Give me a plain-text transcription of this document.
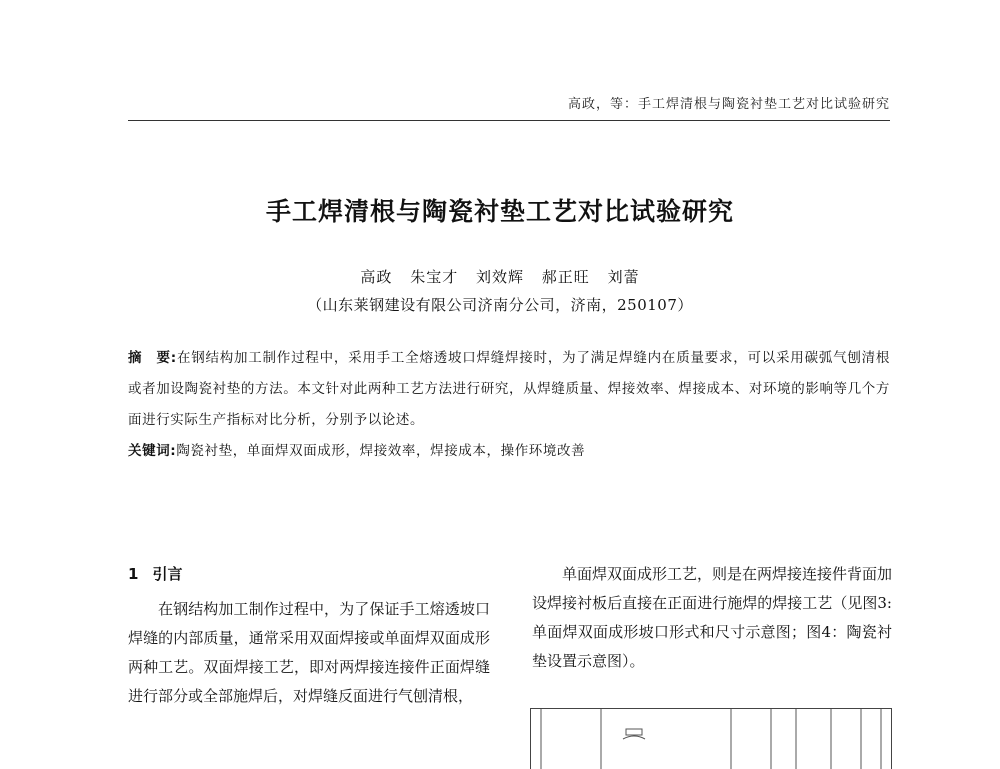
高政，等：手工焊清根与陶瓷衬垫工艺对比试验研究
手工焊清根与陶瓷衬垫工艺对比试验研究
高政 朱宝才 刘效辉 郝正旺 刘蕾
（山东莱钢建设有限公司济南分公司，济南，250107）
摘　要:在钢结构加工制作过程中，采用手工全熔透坡口焊缝焊接时，为了满足焊缝内在质量要求，可以采用碳弧气刨清根或者加设陶瓷衬垫的方法。本文针对此两种工艺方法进行研究，从焊缝质量、焊接效率、焊接成本、对环境的影响等几个方面进行实际生产指标对比分析，分别予以论述。
关键词:陶瓷衬垫，单面焊双面成形，焊接效率，焊接成本，操作环境改善
1 引言

在钢结构加工制作过程中，为了保证手工熔透坡口焊缝的内部质量，通常采用双面焊接或单面焊双面成形两种工艺。双面焊接工艺，即对两焊接连接件正面焊缝进行部分或全部施焊后，对焊缝反面进行气刨清根，

单面焊双面成形工艺，则是在两焊接连接件背面加设焊接衬板后直接在正面进行施焊的焊接工艺（见图3: 单面焊双面成形坡口形式和尺寸示意图；图4：陶瓷衬垫设置示意图）。
